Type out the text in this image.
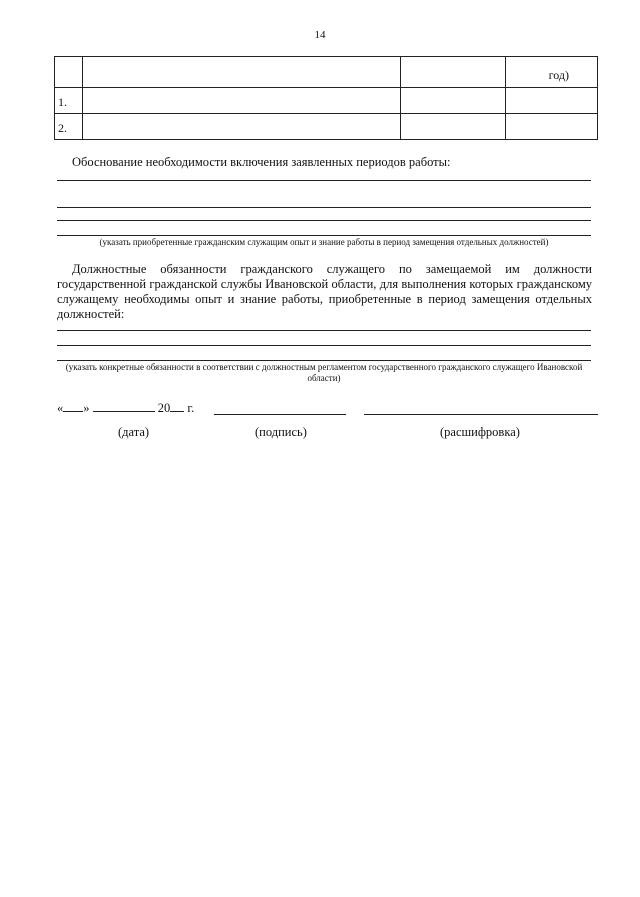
14
			год)
1.			
2.			
Обоснование необходимости включения заявленных периодов работы:
(указать приобретенные гражданским служащим опыт и знание работы в период замещения отдельных должностей)
Должностные обязанности гражданского служащего по замещаемой им должности государственной гражданской службы Ивановской области, для выполнения которых гражданскому служащему необходимы опыт и знание работы, приобретенные в период замещения отдельных должностей:
(указать конкретные обязанности в соответствии с должностным регламентом государственного гражданского служащего Ивановской области)
« »	20 г.
(дата)	(подпись)	(расшифровка)
